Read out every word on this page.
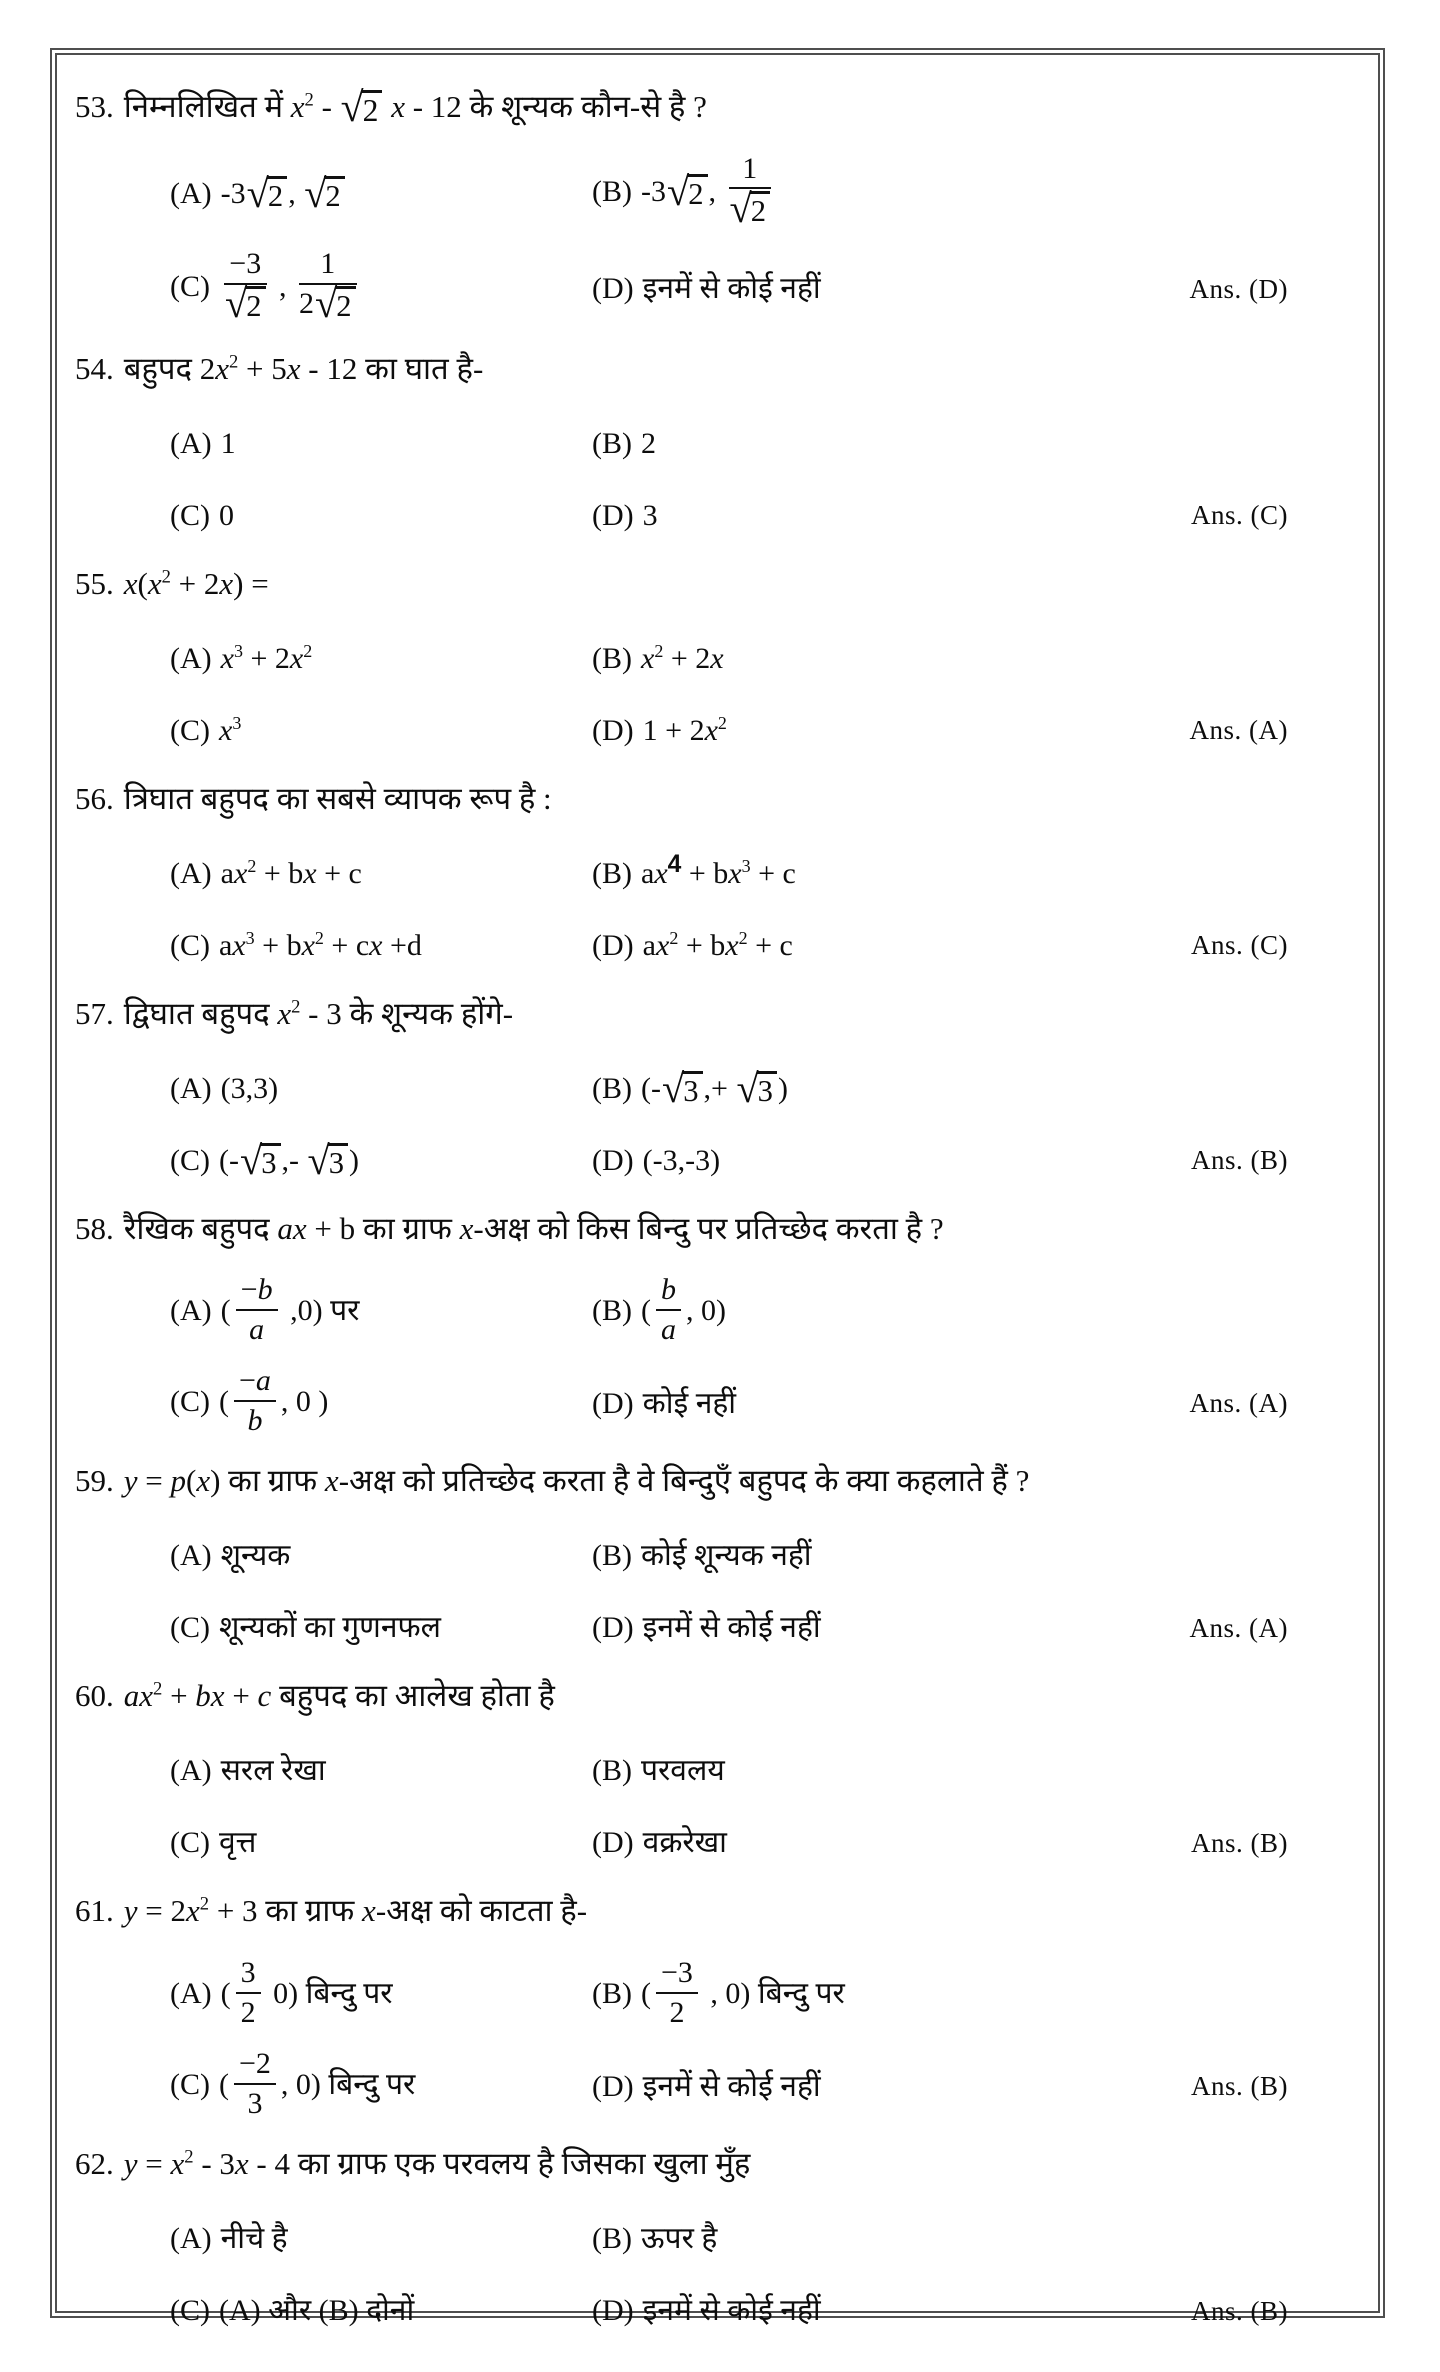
53. निम्नलिखित में $x^2$ - √ 2 x - 12 के शून्यक कौन-से है ?
(A) -3 √ 2 , √ 2	(B) -3 √ 2 , $\frac{1}{√ 2}$
$(C) \frac{-3}{√ 2}$ , $\frac{1}{2 √ 2}$	(D) इनमें से कोई नहीं	Ans. (D)
54. बहुपद $2x^2 + 5x - 12$ का घात है-
(A) 1	(B) 2
(C) 0	(D) 3	Ans. (C)
55. $x(x^2 + 2x)$ =
(A) $x^3 + 2x^2$	(B) $x^2 + 2x$
(C) $x^3$	(D) $1 + 2x^2$	Ans. (A)
56. त्रिघात बहुपद का सबसे व्यापक रूप है :
(A) $ax^2$ + bx + c	(B) $ax^4 + bx^3 + c$
(C) $ax^3 + bx^2$ + cx +d	(D) $ax^2 + bx^2 + c$	Ans. (C)
57. द्विघात बहुपद $x^2 - 3$ के शून्यक होंगे-
(A) (3,3)	(B) (- √ 3 ,+ √ 3 )
(C) (- √ 3 ,- √ 3 )	(D) (-3,-3)	Ans. (B)
58. रैखिक बहुपद ax + b का ग्राफ x-अक्ष को किस बिन्दु पर प्रतिच्छेद करता है ?
(A) ( $\frac{-b}{a} ,0$) पर	(B) ( $\frac{b}{a}$ , 0)
(C) ( $\frac{-a}{b}$ , 0 )	(D) कोई नहीं	Ans. (A)
59. y = p(x) का ग्राफ x-अक्ष को प्रतिच्छेद करता है वे बिन्दुएँ बहुपद के क्या कहलाते हैं ?
(A) शून्यक	(B) कोई शून्यक नहीं
(C) शून्यकों का गुणनफल	(D) इनमें से कोई नहीं	Ans. (A)
60. $ax^2$ + bx + c बहुपद का आलेख होता है
(A) सरल रेखा	(B) परवलय
(C) वृत्त	(D) वक्ररेखा	Ans. (B)
61. $y = 2x^2 + 3$ का ग्राफ x-अक्ष को काटता है-
(A) ( $\frac{3}{2} 0$) बिन्दु पर	(B) ( $\frac{-3}{2}$ , 0) बिन्दु पर
(C) ( $\frac{-2}{3}$ , 0) बिन्दु पर	(D) इनमें से कोई नहीं	Ans. (B)
62. $y = x^2 - 3x - 4$ का ग्राफ एक परवलय है जिसका खुला मुँह
(A) नीचे है	(B) ऊपर है
(C) (A) और (B) दोनों	(D) इनमें से कोई नहीं	Ans. (B)
